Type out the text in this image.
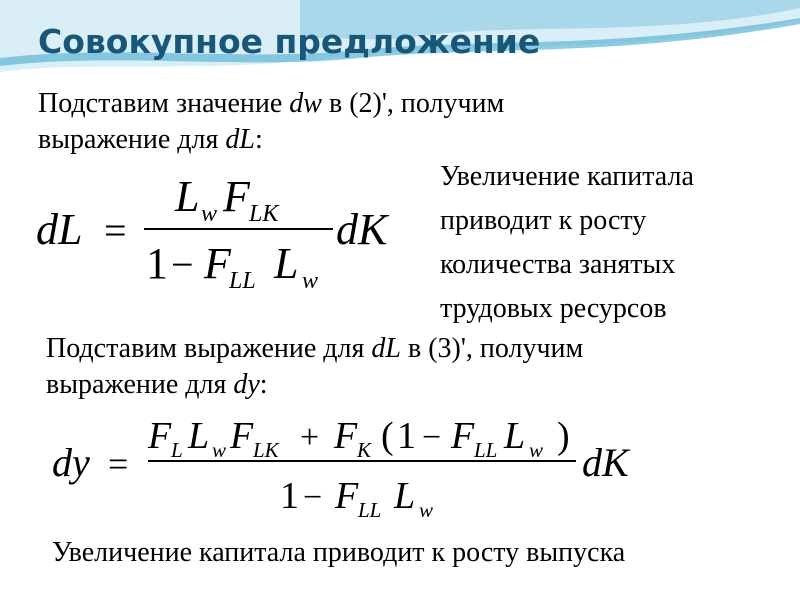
Совокупное предложение

Подставим значение dw в (2)', получим
выражение для dL:

dL =
L w F LK
1 − F
LL L w
dK

Увеличение капитала
приводит к росту
количества занятых
трудовых ресурсов

Подставим выражение для dL в (3)', получим
выражение для dy:

dy =
F L L w F LK + F K ( 1 − F LL L w )
1 − F LL L w
dK

Увеличение капитала приводит к росту выпуска
